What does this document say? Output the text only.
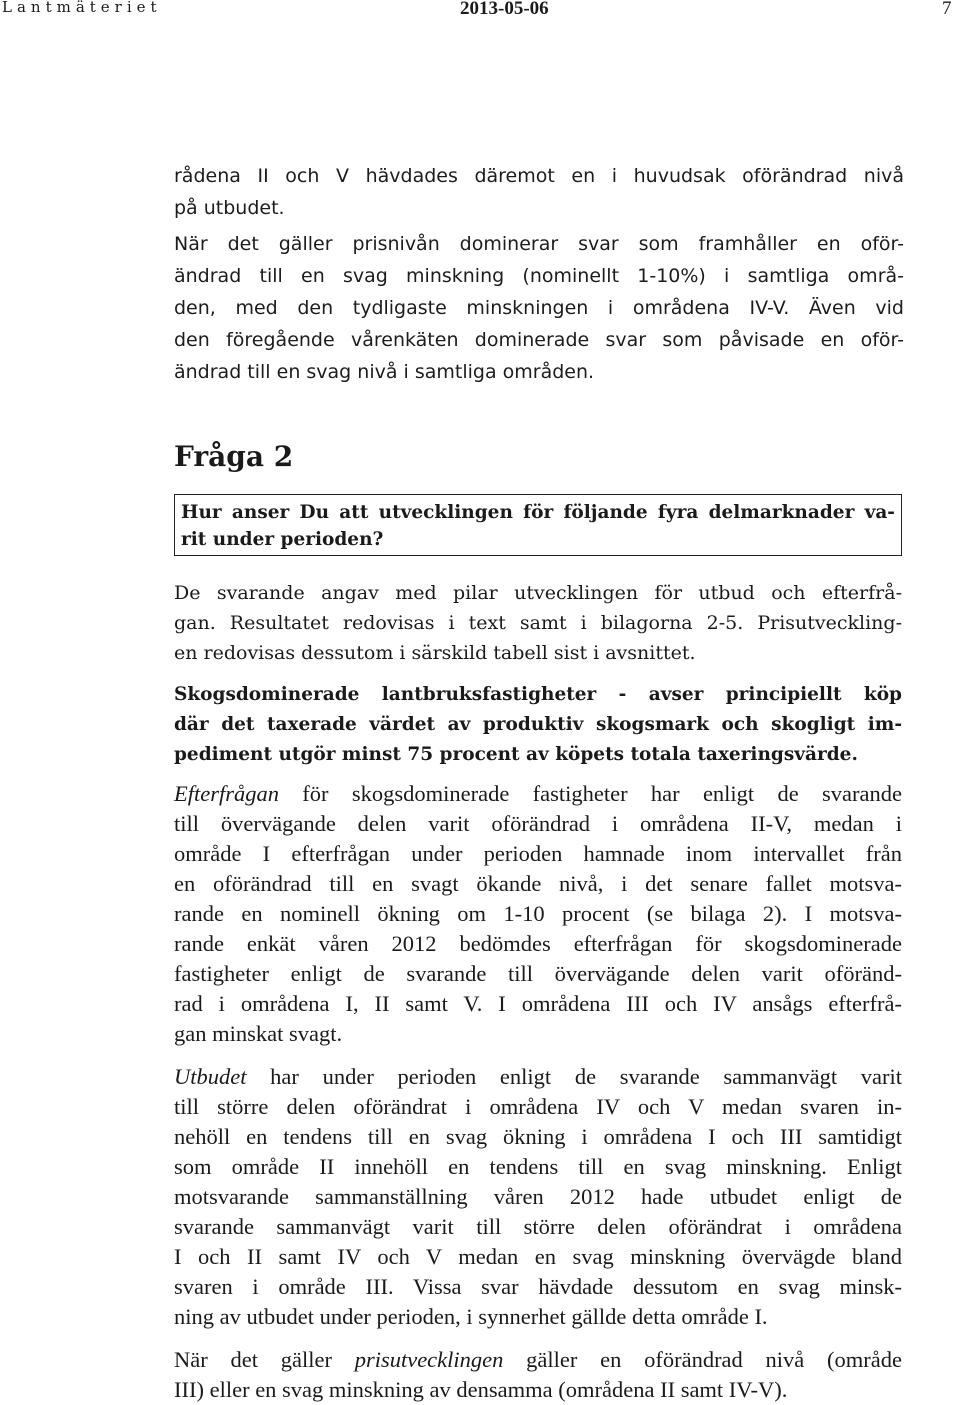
Lantmäteriet	2013-05-06	7

rådena II och V hävdades däremot en i huvudsak oförändrad nivå
på utbudet.

När det gäller prisnivån dominerar svar som framhåller en oför-
ändrad till en svag minskning (nominellt 1-10%) i samtliga områ-
den, med den tydligaste minskningen i områdena IV-V. Även vid
den föregående vårenkäten dominerade svar som påvisade en oför-
ändrad till en svag nivå i samtliga områden.

Fråga 2
Hur anser Du att utvecklingen för följande fyra delmarknader va-
rit under perioden?
De svarande angav med pilar utvecklingen för utbud och efterfrå-
gan. Resultatet redovisas i text samt i bilagorna 2-5. Prisutveckling-
en redovisas dessutom i särskild tabell sist i avsnittet.
Skogsdominerade lantbruksfastigheter - avser principiellt köp
där det taxerade värdet av produktiv skogsmark och skogligt im-
pediment utgör minst 75 procent av köpets totala taxeringsvärde.
Efterfrågan för skogsdominerade fastigheter har enligt de svarande
till övervägande delen varit oförändrad i områdena II-V, medan i
område I efterfrågan under perioden hamnade inom intervallet från
en oförändrad till en svagt ökande nivå, i det senare fallet motsva-
rande en nominell ökning om 1-10 procent (se bilaga 2). I motsva-
rande enkät våren 2012 bedömdes efterfrågan för skogsdominerade
fastigheter enligt de svarande till övervägande delen varit oföränd-
rad i områdena I, II samt V. I områdena III och IV ansågs efterfrå-
gan minskat svagt.
Utbudet har under perioden enligt de svarande sammanvägt varit
till större delen oförändrat i områdena IV och V medan svaren in-
nehöll en tendens till en svag ökning i områdena I och III samtidigt
som område II innehöll en tendens till en svag minskning. Enligt
motsvarande sammanställning våren 2012 hade utbudet enligt de
svarande sammanvägt varit till större delen oförändrat i områdena
I och II samt IV och V medan en svag minskning övervägde bland
svaren i område III. Vissa svar hävdade dessutom en svag minsk-
ning av utbudet under perioden, i synnerhet gällde detta område I.
När det gäller prisutvecklingen gäller en oförändrad nivå (område
III) eller en svag minskning av densamma (områdena II samt IV-V).
